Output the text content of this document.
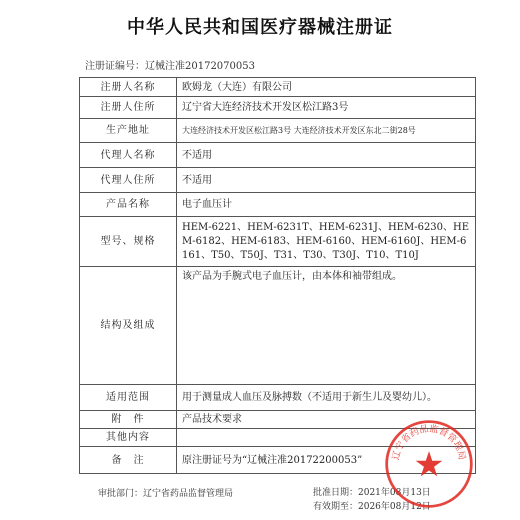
中华人民共和国医疗器械注册证
注册证编号：辽械注准20172070053
注册人名称	欧姆龙（大连）有限公司
注册人住所	辽宁省大连经济技术开发区松江路3号
生产地址	大连经济技术开发区松江路3号 大连经济技术开发区东北二街28号
代理人名称	不适用
代理人住所	不适用
产品名称	电子血压计
型号、规格	HEM-6221、HEM-6231T、HEM-6231J、HEM-6230、HEM-6182、HEM-6183、HEM-6160、HEM-6160J、HEM-6161、T50、T50J、T31、T30、T30J、T10、T10J
结构及组成	该产品为手腕式电子血压计，由本体和袖带组成。
适用范围	用于测量成人血压及脉搏数（不适用于新生儿及婴幼儿）。
附　件	产品技术要求
其他内容	
备　注	原注册证号为“辽械注准20172200053”
审批部门：辽宁省药品监督管理局	批准日期：2021年08月13日
有效期至：2026年08月12日
辽宁省药品监督管理局
